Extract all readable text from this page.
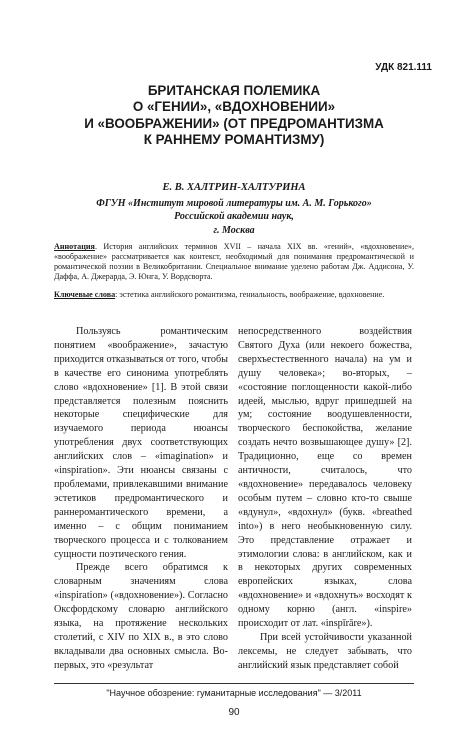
УДК 821.111
БРИТАНСКАЯ ПОЛЕМИКА
О «ГЕНИИ», «ВДОХНОВЕНИИ»
И «ВООБРАЖЕНИИ» (ОТ ПРЕДРОМАНТИЗМА
К РАННЕМУ РОМАНТИЗМУ)
Е. В. ХАЛТРИН-ХАЛТУРИНА
ФГУН «Институт мировой литературы им. А. М. Горького»
Российской академии наук,
г. Москва
Аннотация. История английских терминов XVII – начала XIX вв. «гений», «вдохновение», «воображение» рассматривается как контекст, необходимый для понимания предромантической и романтической поэзии в Великобритании. Специальное внимание уделено работам Дж. Аддисона, У. Даффа, А. Джерарда, Э. Юнга, У. Вордсворта.
Ключевые слова: эстетика английского романтизма, гениальность, воображение, вдохновение.

Пользуясь романтическим понятием «воображение», зачастую приходится отказываться от того, чтобы в качестве его синонима употреблять слово «вдохновение» [1]. В этой связи представляется полезным пояснить некоторые специфические для изучаемого периода нюансы употребления двух соответствующих английских слов – «imagination» и «inspiration». Эти нюансы связаны с проблемами, привлекавшими внимание эстетиков предромантического и раннеромантического времени, а именно – с общим пониманием творческого процесса и с толкованием сущности поэтического гения.

Прежде всего обратимся к словарным значениям слова «inspiration» («вдохновение»). Согласно Оксфордскому словарю английского языка, на протяжение нескольких столетий, с XIV по XIX в., в это слово вкладывали два основных смысла. Во-первых, это «результат

непосредственного воздействия Святого Духа (или некоего божества, сверхъестественного начала) на ум и душу человека»; во-вторых, – «состояние поглощенности какой-либо идеей, мыслью, вдруг пришедшей на ум; состояние воодушевленности, творческого беспокойства, желание создать нечто возвышающее душу» [2]. Традиционно, еще со времен античности, считалось, что «вдохновение» передавалось человеку особым путем – словно кто-то свыше «вдунул», «вдохнул» (букв. «breathed into») в него необыкновенную силу. Это представление отражает и этимологии слова: в английском, как и в некоторых других современных европейских языках, слова «вдохновение» и «вдохнуть» восходят к одному корню (англ. «inspire» происходит от лат. «inspīrāre»).

При всей устойчивости указанной лексемы, не следует забывать, что английский язык представляет собой

"Научное обозрение: гуманитарные исследования" — 3/2011
90
